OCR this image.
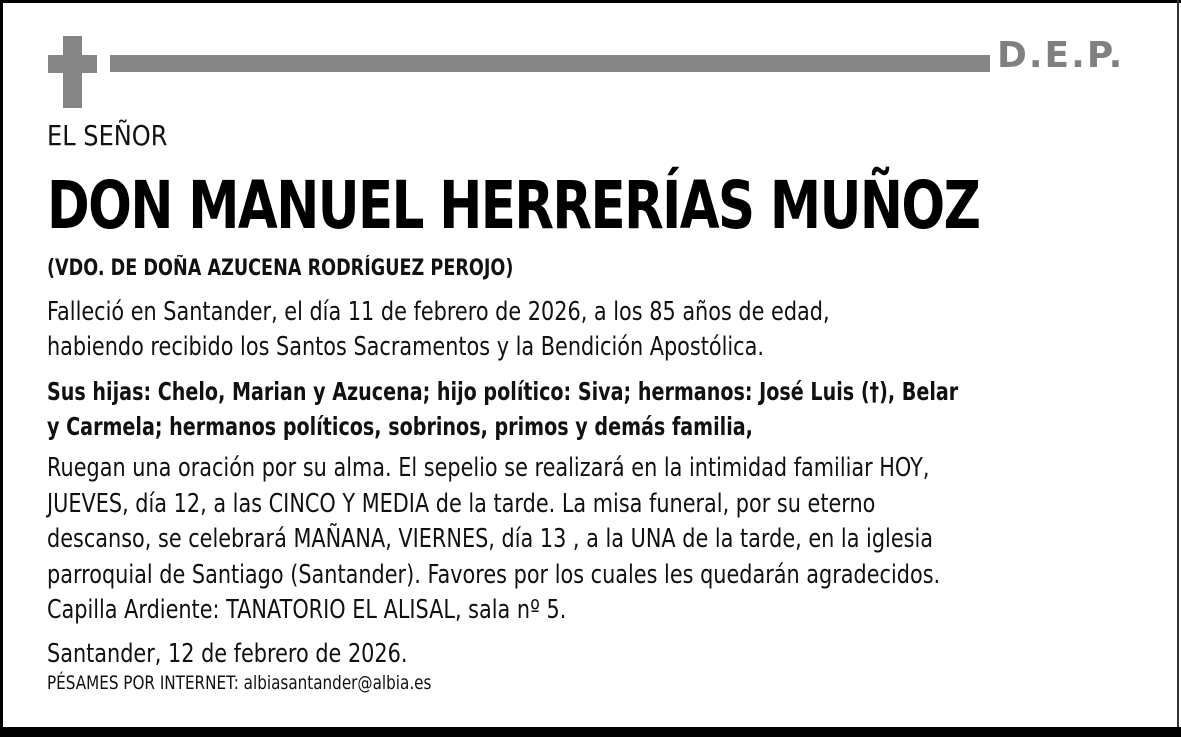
D.E.P.
EL SEÑOR
DON MANUEL HERRERÍAS MUÑOZ
(VDO. DE DOÑA AZUCENA RODRÍGUEZ PEROJO)
Falleció en Santander, el día 11 de febrero de 2026, a los 85 años de edad,
habiendo recibido los Santos Sacramentos y la Bendición Apostólica.
Sus hijas: Chelo, Marian y Azucena; hijo político: Siva; hermanos: José Luis (†), Belar
y Carmela; hermanos políticos, sobrinos, primos y demás familia,
Ruegan una oración por su alma. El sepelio se realizará en la intimidad familiar HOY,
JUEVES, día 12, a las CINCO Y MEDIA de la tarde. La misa funeral, por su eterno
descanso, se celebrará MAÑANA, VIERNES, día 13 , a la UNA de la tarde, en la iglesia
parroquial de Santiago (Santander). Favores por los cuales les quedarán agradecidos.
Capilla Ardiente: TANATORIO EL ALISAL, sala nº 5.
Santander, 12 de febrero de 2026.
PÉSAMES POR INTERNET: albiasantander@albia.es
